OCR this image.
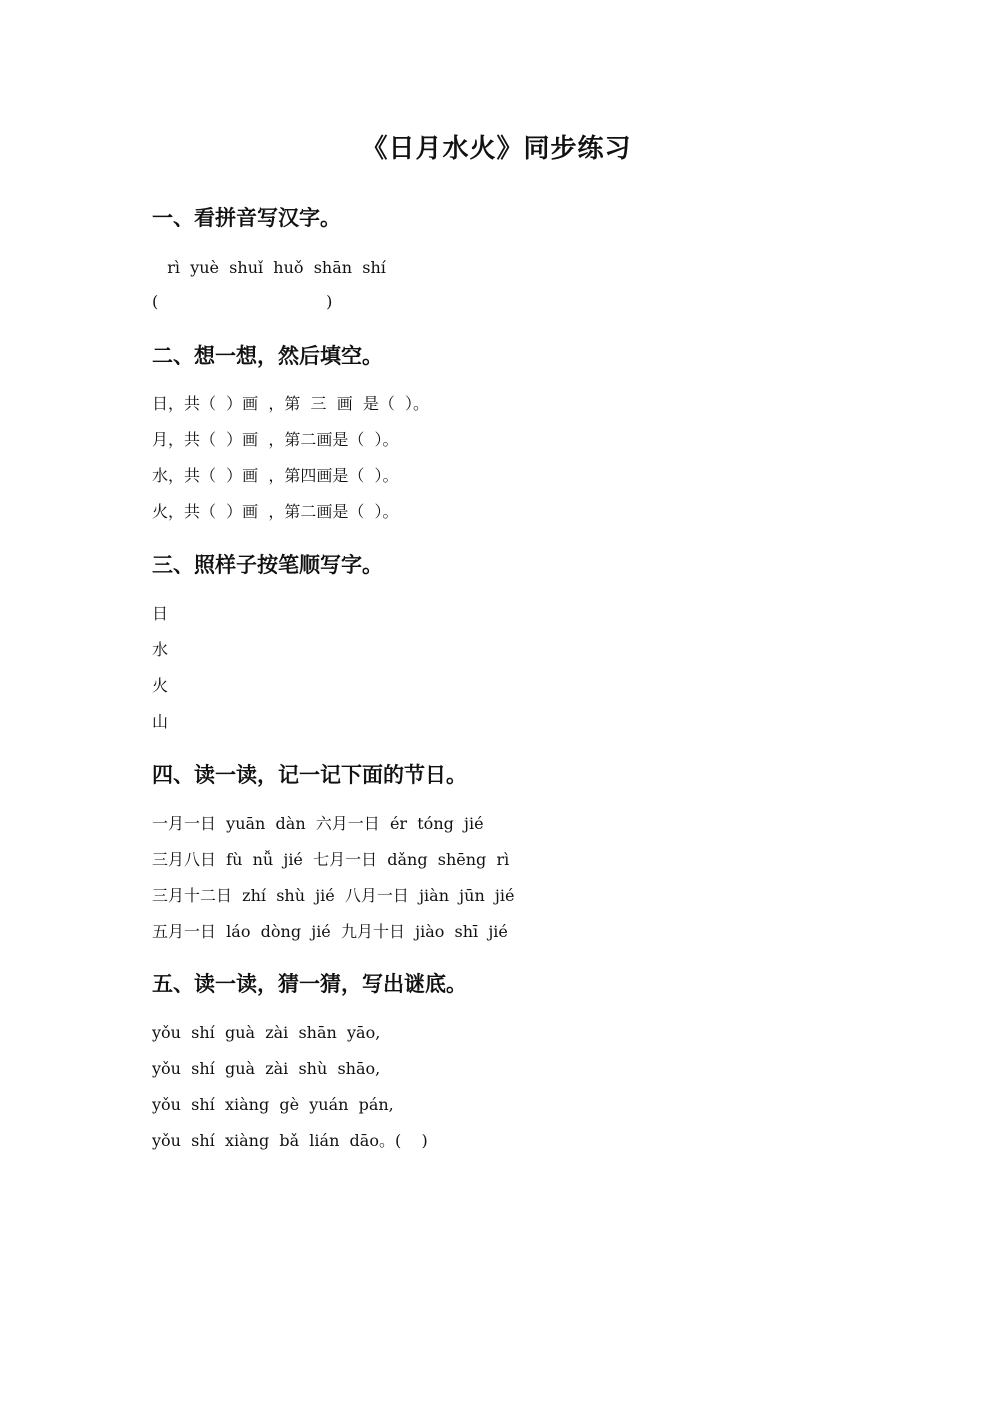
《日月水火》同步练习
一、看拼音写汉字。
rì  yuè  shuǐ  huǒ  shān  shí
(                                 )
二、想一想，然后填空。
日，共（  ）画  ，第  三  画  是（  ）。
月，共（  ）画  ，第二画是（  ）。
水，共（  ）画  ，第四画是（  ）。
火，共（  ）画  ，第二画是（  ）。
三、照样子按笔顺写字。
日
水
火
山
四、读一读，记一记下面的节日。
一月一日  yuān  dàn  六月一日  ér  tóng  jié
三月八日  fù  nǚ  jié  七月一日  dǎng  shēng  rì
三月十二日  zhí  shù  jié  八月一日  jiàn  jūn  jié
五月一日  láo  dòng  jié  九月十日  jiào  shī  jié
五、读一读，猜一猜，写出谜底。
yǒu  shí  guà  zài  shān  yāo,
yǒu  shí  guà  zài  shù  shāo,
yǒu  shí  xiàng  gè  yuán  pán,
yǒu  shí  xiàng  bǎ  lián  dāo。(    )
